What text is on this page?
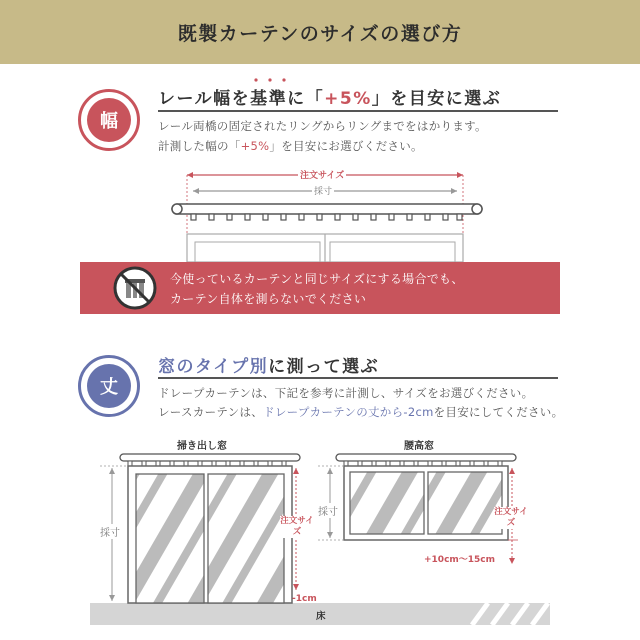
既製カーテンのサイズの選び方
幅
レール幅を基準に「+5%」を目安に選ぶ
レール両橋の固定されたリングからリングまでをはかります。
計測した幅の「+5%」を目安にお選びください。
注文サイズ
採寸
今使っているカーテンと同じサイズにする場合でも、
カーテン自体を測らないでください
丈
窓のタイプ別に測って選ぶ
ドレープカーテンは、下記を参考に計測し、サイズをお選びください。
レースカーテンは、ドレープカーテンの丈から-2cmを目安にしてください。
掃き出し窓	腰高窓
採寸
注文サイズ
-1cm
採寸	注文サイズ
+10cm〜15cm
床
